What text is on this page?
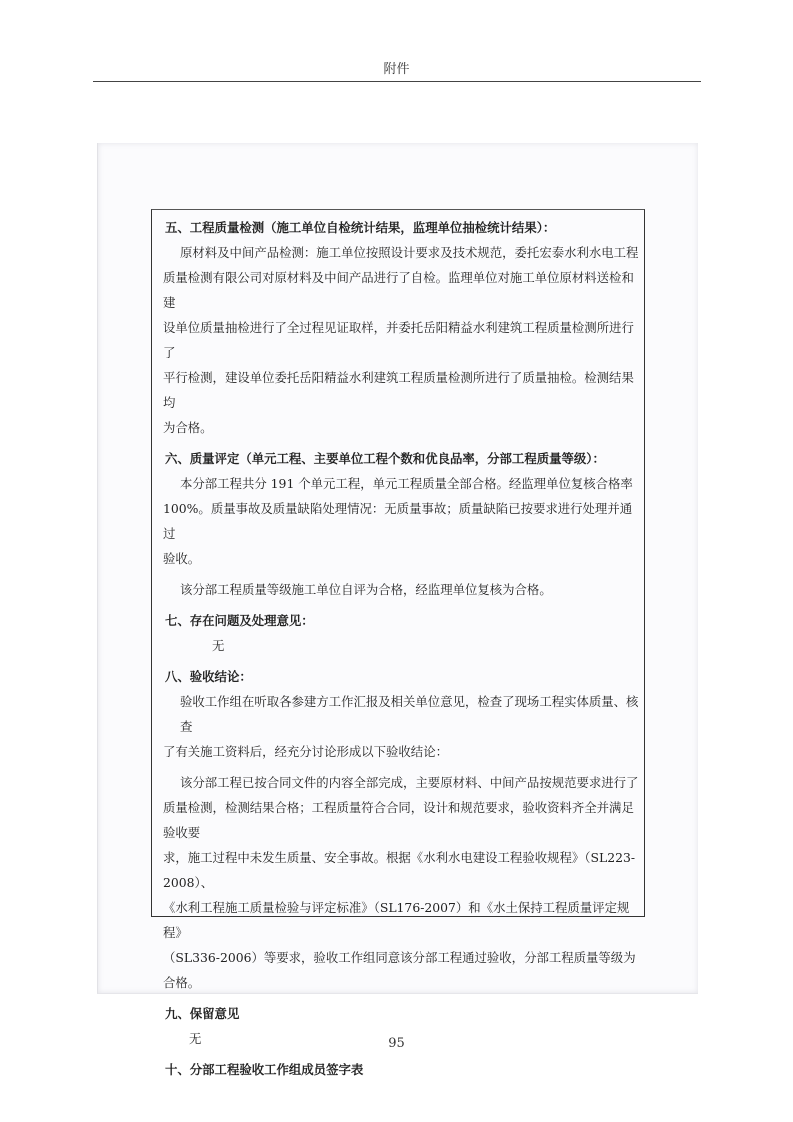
附件

五、工程质量检测（施工单位自检统计结果，监理单位抽检统计结果）：

原材料及中间产品检测：施工单位按照设计要求及技术规范，委托宏泰水利水电工程

质量检测有限公司对原材料及中间产品进行了自检。监理单位对施工单位原材料送检和建

设单位质量抽检进行了全过程见证取样，并委托岳阳精益水利建筑工程质量检测所进行了

平行检测，建设单位委托岳阳精益水利建筑工程质量检测所进行了质量抽检。检测结果均

为合格。

六、质量评定（单元工程、主要单位工程个数和优良品率，分部工程质量等级）：

本分部工程共分 191 个单元工程，单元工程质量全部合格。经监理单位复核合格率

100%。质量事故及质量缺陷处理情况：无质量事故；质量缺陷已按要求进行处理并通过

验收。

该分部工程质量等级施工单位自评为合格，经监理单位复核为合格。

七、存在问题及处理意见：

无

八、验收结论：

验收工作组在听取各参建方工作汇报及相关单位意见，检查了现场工程实体质量、核查

了有关施工资料后，经充分讨论形成以下验收结论：

该分部工程已按合同文件的内容全部完成，主要原材料、中间产品按规范要求进行了

质量检测，检测结果合格；工程质量符合合同，设计和规范要求，验收资料齐全并满足验收要

求，施工过程中未发生质量、安全事故。根据《水利水电建设工程验收规程》（SL223-2008）、

《水利工程施工质量检验与评定标准》（SL176-2007）和《水土保持工程质量评定规程》

（SL336-2006）等要求，验收工作组同意该分部工程通过验收，分部工程质量等级为合格。

九、保留意见

无

十、分部工程验收工作组成员签字表

95
